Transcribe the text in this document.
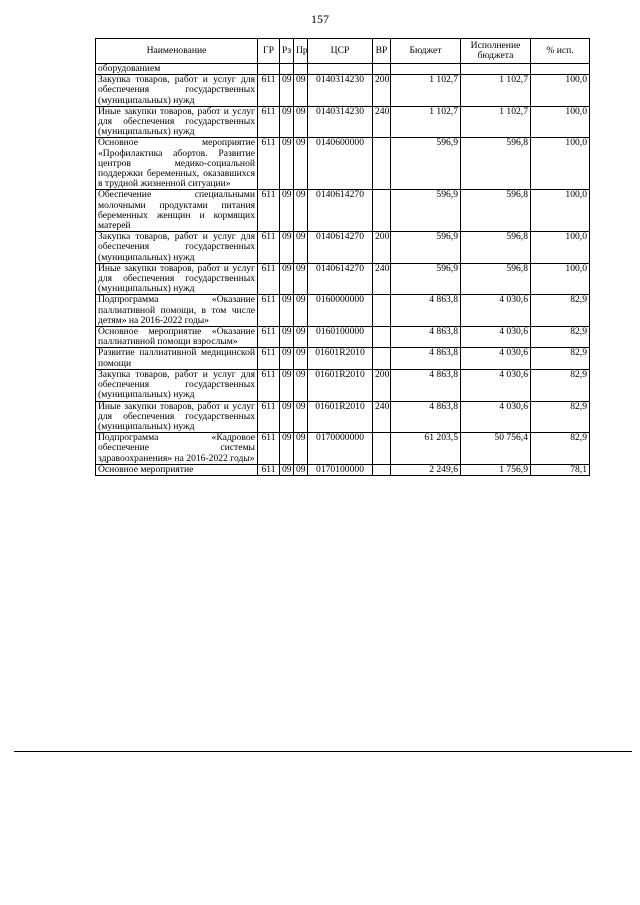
157
Наименование	ГР	Рз	Пр	ЦСР	ВР	Бюджет	Исполнение бюджета	% исп.
оборудованием								
Закупка товаров, работ и услуг для обеспечения государственных (муниципальных) нужд	611	09	09	0140314230	200	1 102,7	1 102,7	100,0
Иные закупки товаров, работ и услуг для обеспечения государственных (муниципальных) нужд	611	09	09	0140314230	240	1 102,7	1 102,7	100,0
Основное мероприятие «Профилактика абортов. Развитие центров медико-социальной поддержки беременных, оказавшихся в трудной жизненной ситуации»	611	09	09	0140600000		596,9	596,8	100,0
Обеспечение специальными молочными продуктами питания беременных женщин и кормящих матерей	611	09	09	0140614270		596,9	596,8	100,0
Закупка товаров, работ и услуг для обеспечения государственных (муниципальных) нужд	611	09	09	0140614270	200	596,9	596,8	100,0
Иные закупки товаров, работ и услуг для обеспечения государственных (муниципальных) нужд	611	09	09	0140614270	240	596,9	596,8	100,0
Подпрограмма «Оказание паллиативной помощи, в том числе детям» на 2016-2022 годы»	611	09	09	0160000000		4 863,8	4 030,6	82,9
Основное мероприятие «Оказание паллиативной помощи взрослым»	611	09	09	0160100000		4 863,8	4 030,6	82,9
Развитие паллиативной медицинской помощи	611	09	09	01601R2010		4 863,8	4 030,6	82,9
Закупка товаров, работ и услуг для обеспечения государственных (муниципальных) нужд	611	09	09	01601R2010	200	4 863,8	4 030,6	82,9
Иные закупки товаров, работ и услуг для обеспечения государственных (муниципальных) нужд	611	09	09	01601R2010	240	4 863,8	4 030,6	82,9
Подпрограмма «Кадровое обеспечение системы здравоохранения» на 2016-2022 годы»	611	09	09	0170000000		61 203,5	50 756,4	82,9
Основное мероприятие	611	09	09	0170100000		2 249,6	1 756,9	78,1
